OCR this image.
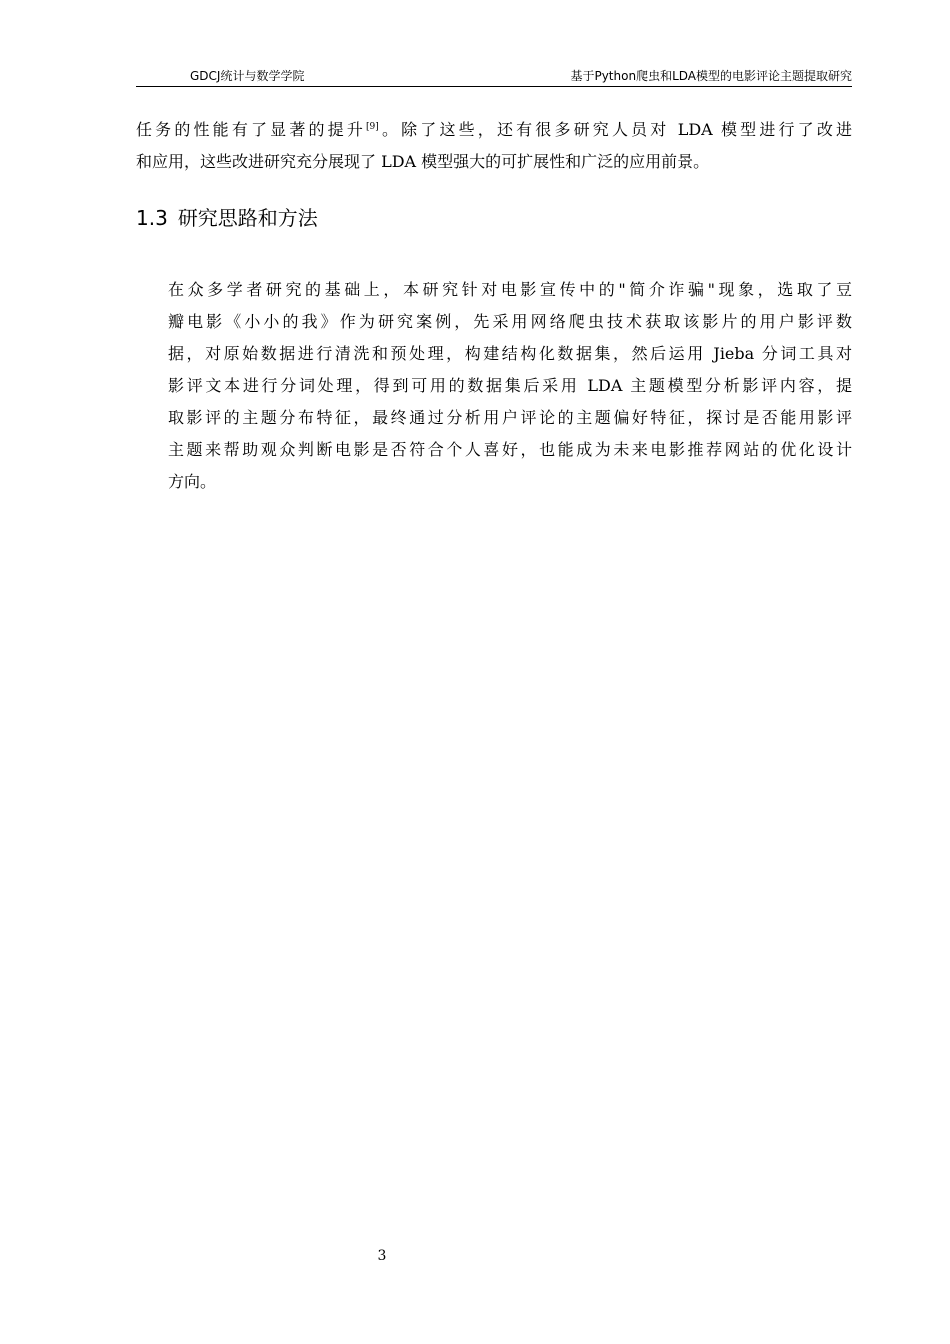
GDCJ统计与数学学院	基于Python爬虫和LDA模型的电影评论主题提取研究
任务的性能有了显著的提升[9]。除了这些，还有很多研究人员对 LDA 模型进行了改进
和应用，这些改进研究充分展现了 LDA 模型强大的可扩展性和广泛的应用前景。
1.3 研究思路和方法
在众多学者研究的基础上，本研究针对电影宣传中的"简介诈骗"现象，选取了豆
瓣电影《小小的我》作为研究案例，先采用网络爬虫技术获取该影片的用户影评数
据，对原始数据进行清洗和预处理，构建结构化数据集，然后运用 Jieba 分词工具对
影评文本进行分词处理，得到可用的数据集后采用 LDA 主题模型分析影评内容，提
取影评的主题分布特征，最终通过分析用户评论的主题偏好特征，探讨是否能用影评
主题来帮助观众判断电影是否符合个人喜好，也能成为未来电影推荐网站的优化设计
方向。
3
